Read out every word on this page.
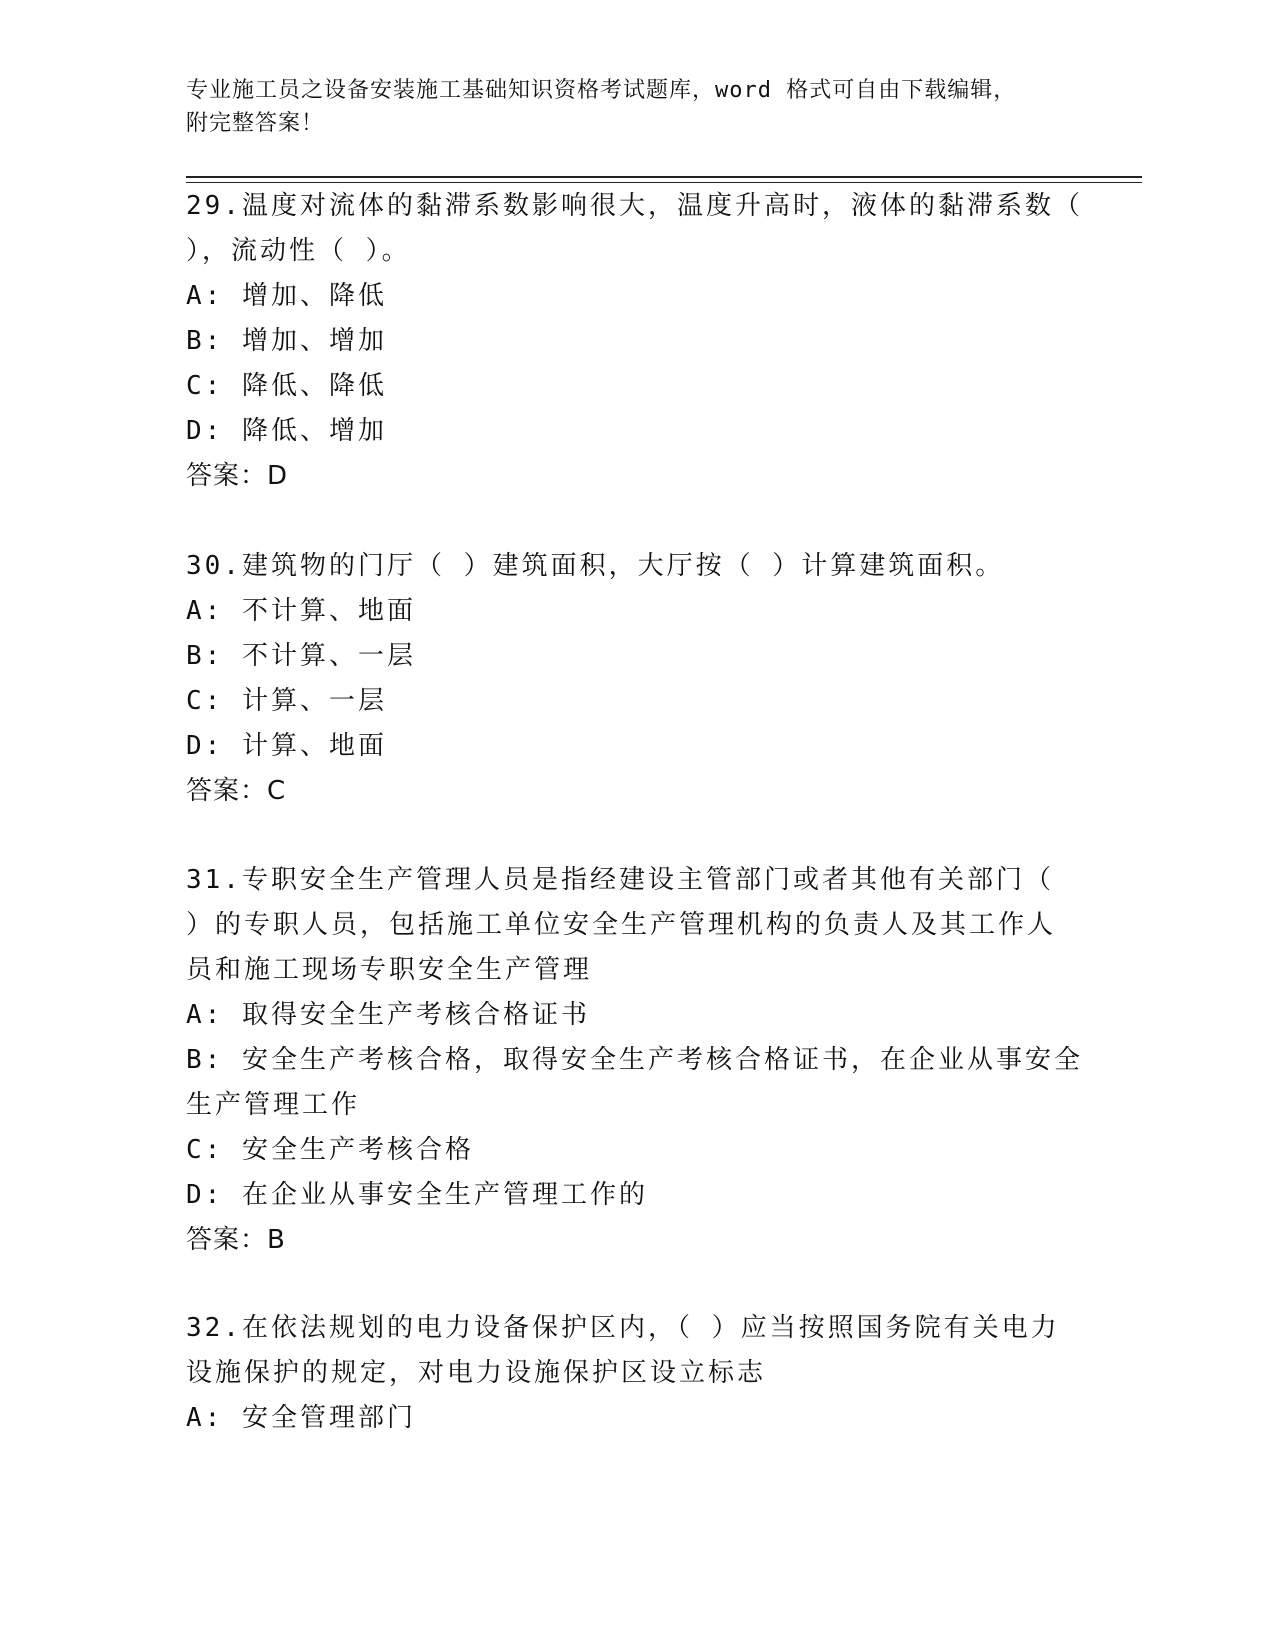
专业施工员之设备安装施工基础知识资格考试题库，word 格式可自由下载编辑，
附完整答案！

29.温度对流体的黏滞系数影响很大，温度升高时，液体的黏滞系数（
），流动性（ ）。
A: 增加、降低
B: 增加、增加
C: 降低、降低
D: 降低、增加
答案：D
30.建筑物的门厅（ ）建筑面积，大厅按（ ）计算建筑面积。
A: 不计算、地面
B: 不计算、一层
C: 计算、一层
D: 计算、地面
答案：C
31.专职安全生产管理人员是指经建设主管部门或者其他有关部门（
）的专职人员，包括施工单位安全生产管理机构的负责人及其工作人
员和施工现场专职安全生产管理
A: 取得安全生产考核合格证书
B: 安全生产考核合格，取得安全生产考核合格证书，在企业从事安全
生产管理工作
C: 安全生产考核合格
D: 在企业从事安全生产管理工作的
答案：B
32.在依法规划的电力设备保护区内，（ ）应当按照国务院有关电力
设施保护的规定，对电力设施保护区设立标志
A: 安全管理部门
